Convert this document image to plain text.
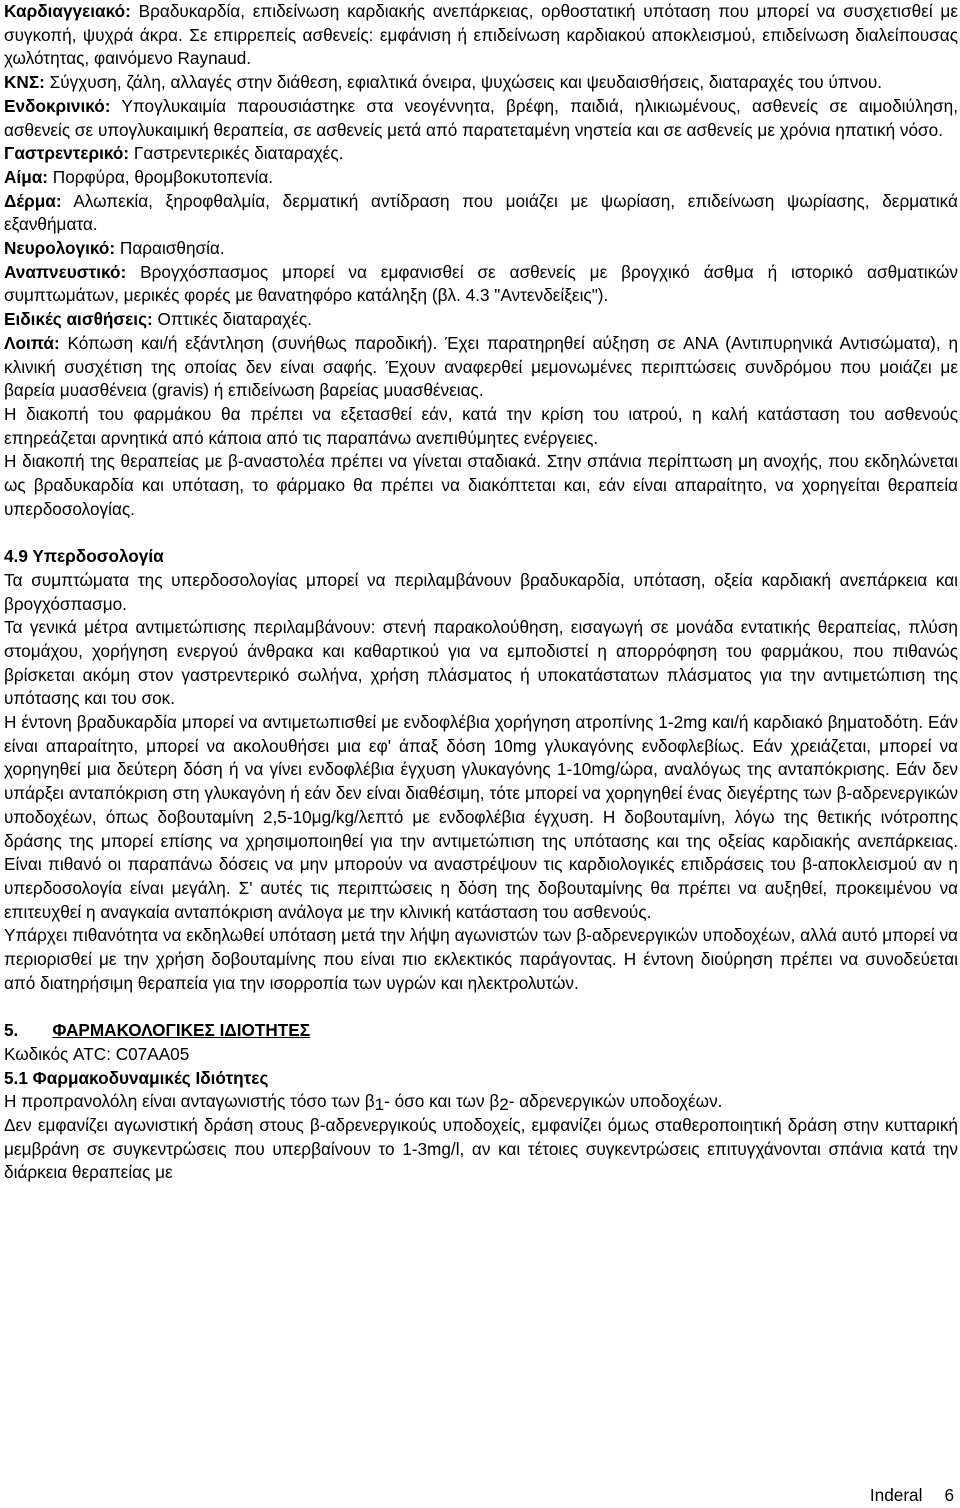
Καρδιαγγειακό: Βραδυκαρδία, επιδείνωση καρδιακής ανεπάρκειας, ορθοστατική υπόταση που μπορεί να συσχετισθεί με συγκοπή, ψυχρά άκρα. Σε επιρρεπείς ασθενείς: εμφάνιση ή επιδείνωση καρδιακού αποκλεισμού, επιδείνωση διαλείπουσας χωλότητας, φαινόμενο Raynaud.

ΚΝΣ: Σύγχυση, ζάλη, αλλαγές στην διάθεση, εφιαλτικά όνειρα, ψυχώσεις και ψευδαισθήσεις, διαταραχές του ύπνου.

Ενδοκρινικό: Υπογλυκαιμία παρουσιάστηκε στα νεογέννητα, βρέφη, παιδιά, ηλικιωμένους, ασθενείς σε αιμοδιύληση, ασθενείς σε υπογλυκαιμική θεραπεία, σε ασθενείς μετά από παρατεταμένη νηστεία και σε ασθενείς με χρόνια ηπατική νόσο.

Γαστρεντερικό: Γαστρεντερικές διαταραχές.

Αίμα: Πορφύρα, θρομβοκυτοπενία.

Δέρμα: Αλωπεκία, ξηροφθαλμία, δερματική αντίδραση που μοιάζει με ψωρίαση, επιδείνωση ψωρίασης, δερματικά εξανθήματα.

Νευρολογικό: Παραισθησία.

Αναπνευστικό: Βρογχόσπασμος μπορεί να εμφανισθεί σε ασθενείς με βρογχικό άσθμα ή ιστορικό ασθματικών συμπτωμάτων, μερικές φορές με θανατηφόρο κατάληξη (βλ. 4.3 "Αντενδείξεις").

Ειδικές αισθήσεις: Οπτικές διαταραχές.

Λοιπά: Κόπωση και/ή εξάντληση (συνήθως παροδική). Έχει παρατηρηθεί αύξηση σε ANA (Αντιπυρηνικά Αντισώματα), η κλινική συσχέτιση της οποίας δεν είναι σαφής. Έχουν αναφερθεί μεμονωμένες περιπτώσεις συνδρόμου που μοιάζει με βαρεία μυασθένεια (gravis) ή επιδείνωση βαρείας μυασθένειας.

Η διακοπή του φαρμάκου θα πρέπει να εξετασθεί εάν, κατά την κρίση του ιατρού, η καλή κατάσταση του ασθενούς επηρεάζεται αρνητικά από κάποια από τις παραπάνω ανεπιθύμητες ενέργειες.

Η διακοπή της θεραπείας με β-αναστολέα πρέπει να γίνεται σταδιακά. Στην σπάνια περίπτωση μη ανοχής, που εκδηλώνεται ως βραδυκαρδία και υπόταση, το φάρμακο θα πρέπει να διακόπτεται και, εάν είναι απαραίτητο, να χορηγείται θεραπεία υπερδοσολογίας.

4.9 Υπερδοσολογία

Τα συμπτώματα της υπερδοσολογίας μπορεί να περιλαμβάνουν βραδυκαρδία, υπόταση, οξεία καρδιακή ανεπάρκεια και βρογχόσπασμο.

Τα γενικά μέτρα αντιμετώπισης περιλαμβάνουν: στενή παρακολούθηση, εισαγωγή σε μονάδα εντατικής θεραπείας, πλύση στομάχου, χορήγηση ενεργού άνθρακα και καθαρτικού για να εμποδιστεί η απορρόφηση του φαρμάκου, που πιθανώς βρίσκεται ακόμη στον γαστρεντερικό σωλήνα, χρήση πλάσματος ή υποκατάστατων πλάσματος για την αντιμετώπιση της υπότασης και του σοκ.

Η έντονη βραδυκαρδία μπορεί να αντιμετωπισθεί με ενδοφλέβια χορήγηση ατροπίνης 1-2mg και/ή καρδιακό βηματοδότη. Εάν είναι απαραίτητο, μπορεί να ακολουθήσει μια εφ' άπαξ δόση 10mg γλυκαγόνης ενδοφλεβίως. Εάν χρειάζεται, μπορεί να χορηγηθεί μια δεύτερη δόση ή να γίνει ενδοφλέβια έγχυση γλυκαγόνης 1-10mg/ώρα, αναλόγως της ανταπόκρισης. Εάν δεν υπάρξει ανταπόκριση στη γλυκαγόνη ή εάν δεν είναι διαθέσιμη, τότε μπορεί να χορηγηθεί ένας διεγέρτης των β-αδρενεργικών υποδοχέων, όπως δοβουταμίνη 2,5-10μg/kg/λεπτό με ενδοφλέβια έγχυση. Η δοβουταμίνη, λόγω της θετικής ινότροπης δράσης της μπορεί επίσης να χρησιμοποιηθεί για την αντιμετώπιση της υπότασης και της οξείας καρδιακής ανεπάρκειας. Είναι πιθανό οι παραπάνω δόσεις να μην μπορούν να αναστρέψουν τις καρδιολογικές επιδράσεις του β-αποκλεισμού αν η υπερδοσολογία είναι μεγάλη. Σ' αυτές τις περιπτώσεις η δόση της δοβουταμίνης θα πρέπει να αυξηθεί, προκειμένου να επιτευχθεί η αναγκαία ανταπόκριση ανάλογα με την κλινική κατάσταση του ασθενούς.

Υπάρχει πιθανότητα να εκδηλωθεί υπόταση μετά την λήψη αγωνιστών των β-αδρενεργικών υποδοχέων, αλλά αυτό μπορεί να περιορισθεί με την χρήση δοβουταμίνης που είναι πιο εκλεκτικός παράγοντας. Η έντονη διούρηση πρέπει να συνοδεύεται από διατηρήσιμη θεραπεία για την ισορροπία των υγρών και ηλεκτρολυτών.

5. ΦΑΡΜΑΚΟΛΟΓΙΚΕΣ ΙΔΙΟΤΗΤΕΣ

Κωδικός ATC: C07AA05

5.1 Φαρμακοδυναμικές Ιδιότητες

Η προπρανολόλη είναι ανταγωνιστής τόσο των $\beta_1-$ όσο και των $\beta_2-$ αδρενεργικών υποδοχέων.

Δεν εμφανίζει αγωνιστική δράση στους β-αδρενεργικούς υποδοχείς, εμφανίζει όμως σταθεροποιητική δράση στην κυτταρική μεμβράνη σε συγκεντρώσεις που υπερβαίνουν το 1-3mg/l, αν και τέτοιες συγκεντρώσεις επιτυγχάνονται σπάνια κατά την διάρκεια θεραπείας με

Inderal 6
